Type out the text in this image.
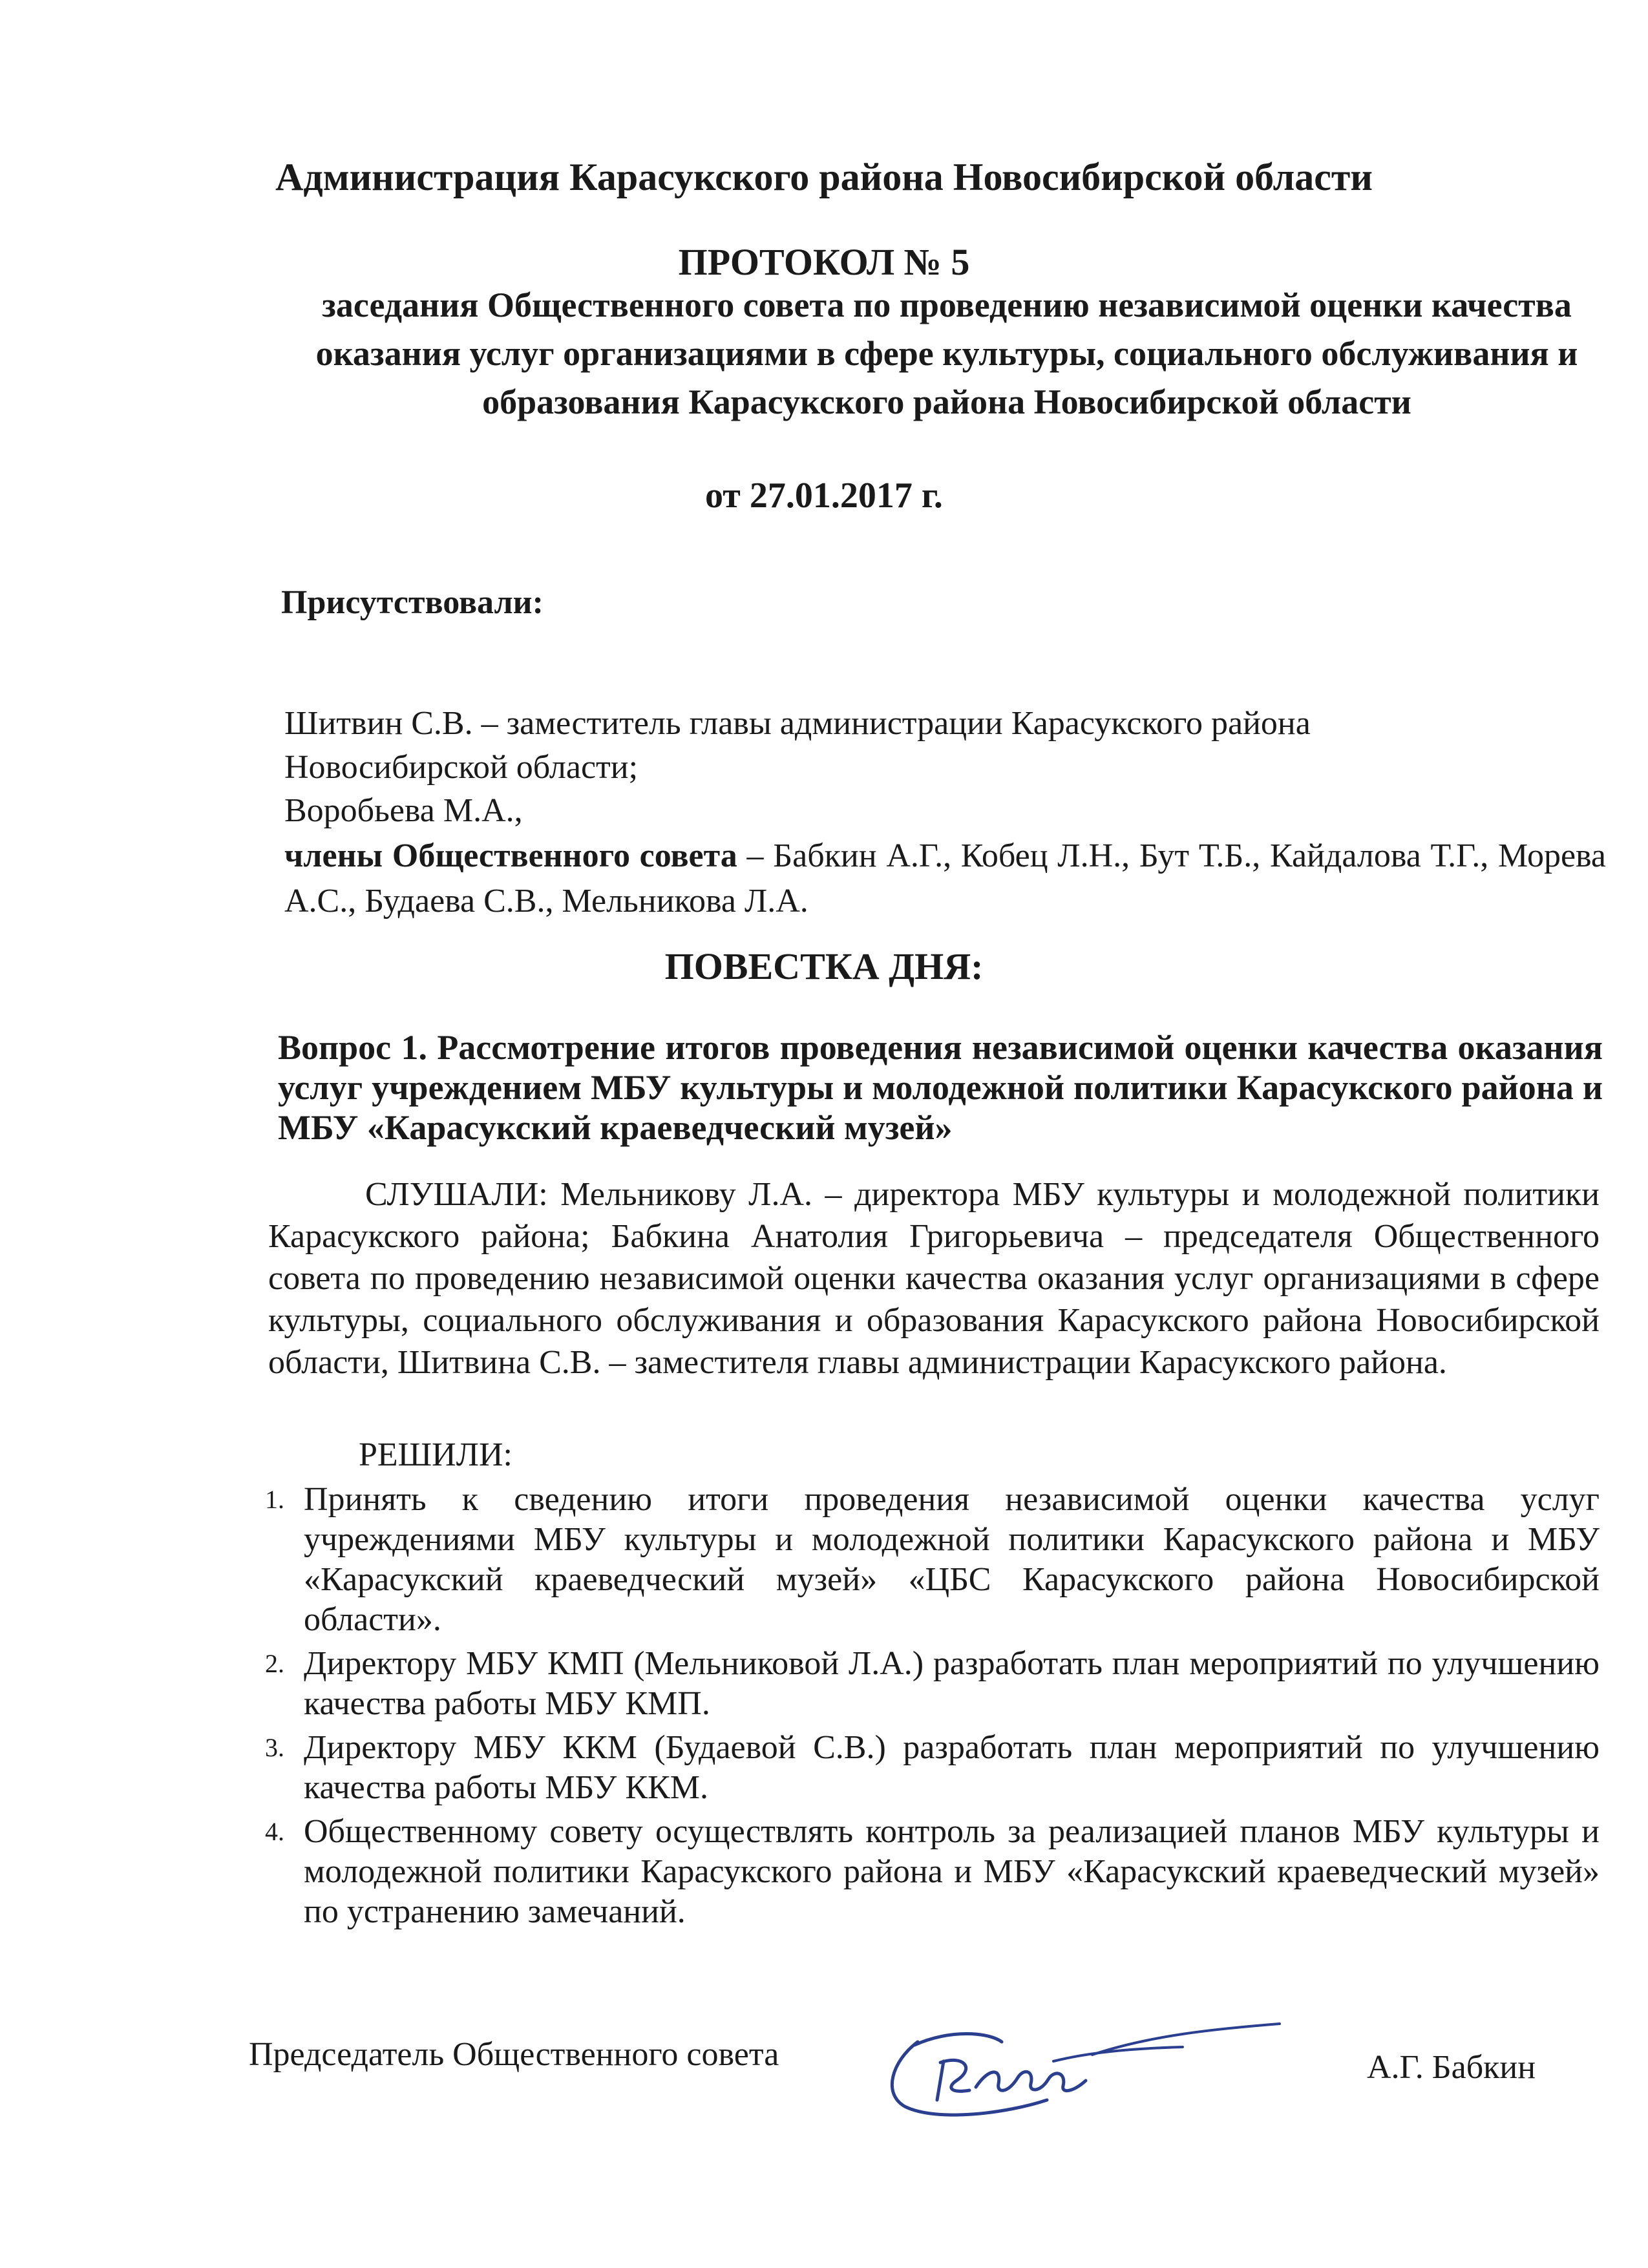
Администрация Карасукского района Новосибирской области
ПРОТОКОЛ № 5
заседания Общественного совета по проведению независимой оценки качества оказания услуг организациями в сфере культуры, социального обслуживания и образования Карасукского района Новосибирской области
от 27.01.2017 г.
Присутствовали:
Шитвин С.В. – заместитель главы администрации Карасукского района
Новосибирской области;
Воробьева М.А.,
члены Общественного совета – Бабкин А.Г., Кобец Л.Н., Бут Т.Б., Кайдалова Т.Г., Морева А.С., Будаева С.В., Мельникова Л.А.
ПОВЕСТКА ДНЯ:
Вопрос 1. Рассмотрение итогов проведения независимой оценки качества оказания услуг учреждением МБУ культуры и молодежной политики Карасукского района и МБУ «Карасукский краеведческий музей»
СЛУШАЛИ: Мельникову Л.А. – директора МБУ культуры и молодежной политики Карасукского района; Бабкина Анатолия Григорьевича – председателя Общественного совета по проведению независимой оценки качества оказания услуг организациями в сфере культуры, социального обслуживания и образования Карасукского района Новосибирской области, Шитвина С.В. – заместителя главы администрации Карасукского района.
РЕШИЛИ:
1. Принять к сведению итоги проведения независимой оценки качества услуг учреждениями МБУ культуры и молодежной политики Карасукского района и МБУ «Карасукский краеведческий музей» «ЦБС Карасукского района Новосибирской области».
2. Директору МБУ КМП (Мельниковой Л.А.) разработать план мероприятий по улучшению качества работы МБУ КМП.
3. Директору МБУ ККМ (Будаевой С.В.) разработать план мероприятий по улучшению качества работы МБУ ККМ.
4. Общественному совету осуществлять контроль за реализацией планов МБУ культуры и молодежной политики Карасукского района и МБУ «Карасукский краеведческий музей» по устранению замечаний.
Председатель Общественного совета	А.Г. Бабкин
